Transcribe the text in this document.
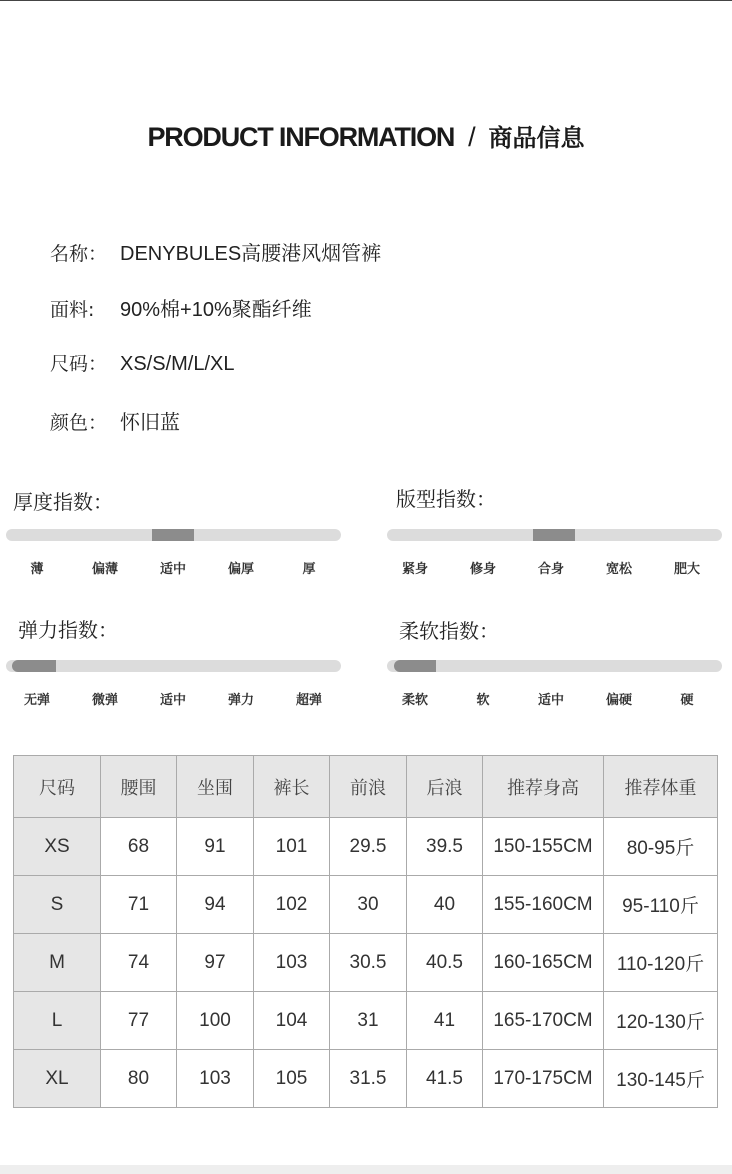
PRODUCT INFORMATION / 商品信息
名称： DENYBULES高腰港风烟管裤
面料: 90%棉+10%聚酯纤维
尺码： XS/S/M/L/XL
颜色： 怀旧蓝
厚度指数：
薄	偏薄	适中	偏厚	厚
版型指数：
紧身	修身	合身	宽松	肥大
弹力指数：
无弹	微弹	适中	弹力	超弹
柔软指数：
柔软	软	适中	偏硬	硬
尺码	腰围	坐围	裤长	前浪	后浪	推荐身高	推荐体重
XS	68	91	101	29.5	39.5	150-155CM	80-95斤
S	71	94	102	30	40	155-160CM	95-110斤
M	74	97	103	30.5	40.5	160-165CM	110-120斤
L	77	100	104	31	41	165-170CM	120-130斤
XL	80	103	105	31.5	41.5	170-175CM	130-145斤
